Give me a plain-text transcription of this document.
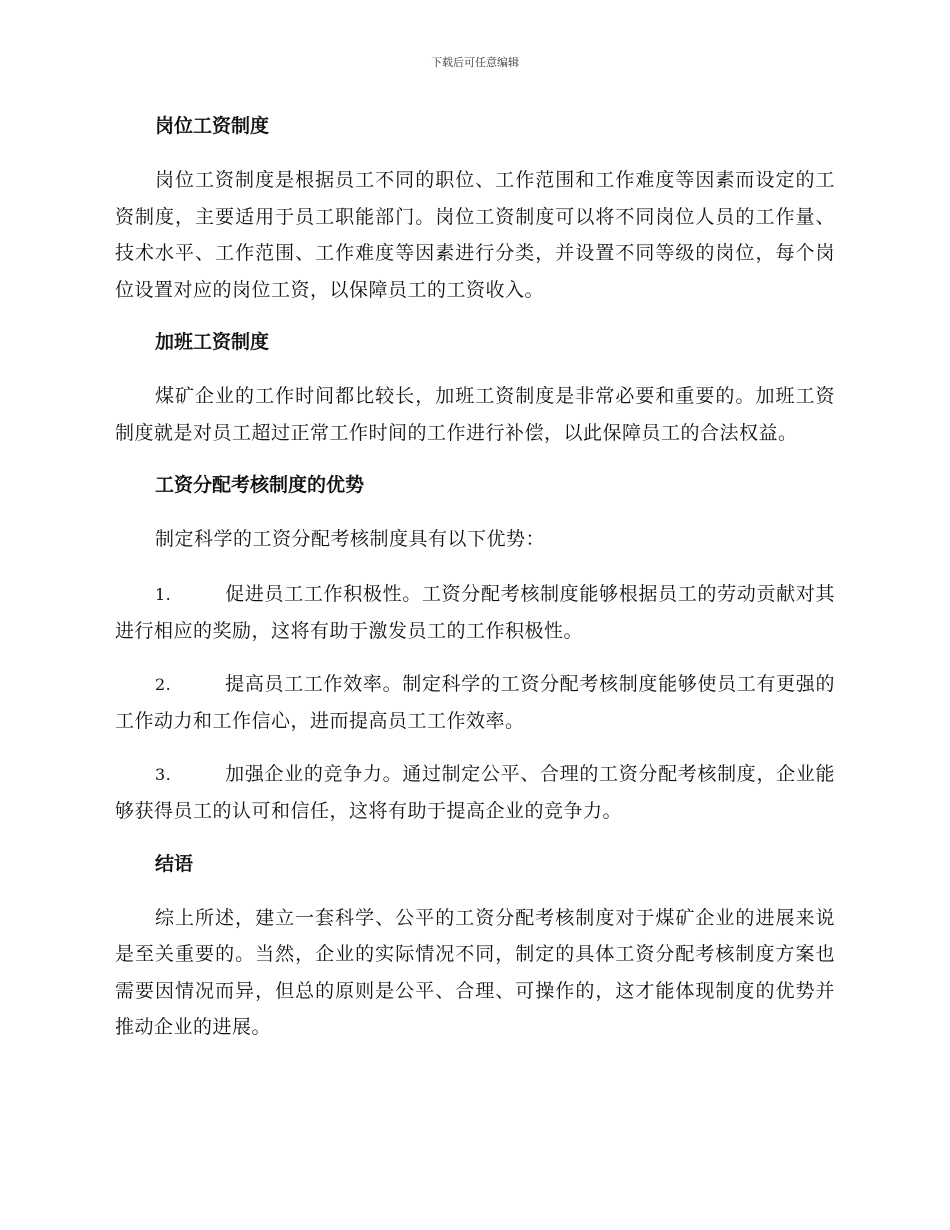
下载后可任意编辑
岗位工资制度
岗位工资制度是根据员工不同的职位、工作范围和工作难度等因素而设定的工资制度，主要适用于员工职能部门。岗位工资制度可以将不同岗位人员的工作量、技术水平、工作范围、工作难度等因素进行分类，并设置不同等级的岗位，每个岗位设置对应的岗位工资，以保障员工的工资收入。
加班工资制度
煤矿企业的工作时间都比较长，加班工资制度是非常必要和重要的。加班工资制度就是对员工超过正常工作时间的工作进行补偿，以此保障员工的合法权益。
工资分配考核制度的优势
制定科学的工资分配考核制度具有以下优势：
1.	促进员工工作积极性。工资分配考核制度能够根据员工的劳动贡献对其进行相应的奖励，这将有助于激发员工的工作积极性。
2.	提高员工工作效率。制定科学的工资分配考核制度能够使员工有更强的工作动力和工作信心，进而提高员工工作效率。
3.	加强企业的竞争力。通过制定公平、合理的工资分配考核制度，企业能够获得员工的认可和信任，这将有助于提高企业的竞争力。
结语
综上所述，建立一套科学、公平的工资分配考核制度对于煤矿企业的进展来说是至关重要的。当然，企业的实际情况不同，制定的具体工资分配考核制度方案也需要因情况而异，但总的原则是公平、合理、可操作的，这才能体现制度的优势并推动企业的进展。
